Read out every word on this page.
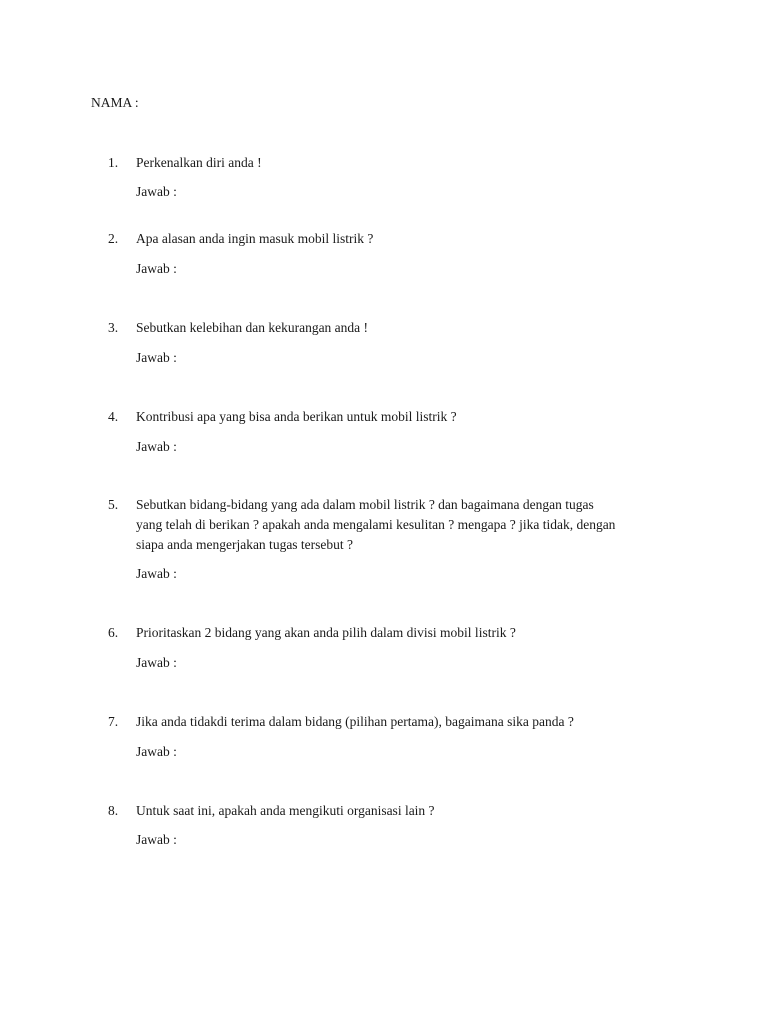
NAMA :
1.	Perkenalkan diri anda !
Jawab :
2.	Apa alasan anda ingin masuk mobil listrik ?
Jawab :
3.	Sebutkan kelebihan dan kekurangan anda !
Jawab :
4.	Kontribusi apa yang bisa anda berikan untuk mobil listrik ?
Jawab :
5.	Sebutkan bidang-bidang yang ada dalam mobil listrik ? dan bagaimana dengan tugas
yang telah di berikan ? apakah anda mengalami kesulitan ? mengapa ? jika tidak, dengan
siapa anda mengerjakan tugas tersebut ?
Jawab :
6.	Prioritaskan 2 bidang yang akan anda pilih dalam divisi mobil listrik ?
Jawab :
7.	Jika anda tidakdi terima dalam bidang (pilihan pertama), bagaimana sika panda ?
Jawab :
8.	Untuk saat ini, apakah anda mengikuti organisasi lain ?
Jawab :
